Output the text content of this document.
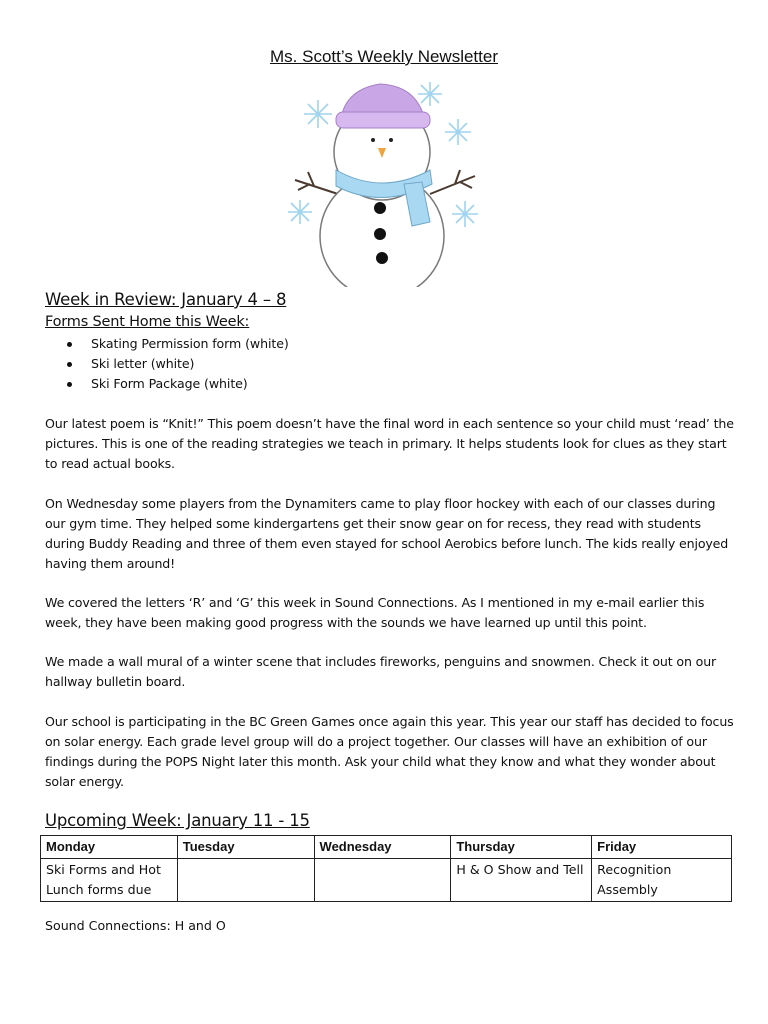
Ms. Scott’s Weekly Newsletter
Week in Review: January 4 – 8
Forms Sent Home this Week:
Skating Permission form (white)
Ski letter (white)
Ski Form Package (white)

Our latest poem is “Knit!” This poem doesn’t have the final word in each sentence so your child must ‘read’ the pictures. This is one of the reading strategies we teach in primary. It helps students look for clues as they start to read actual books.

On Wednesday some players from the Dynamiters came to play floor hockey with each of our classes during our gym time. They helped some kindergartens get their snow gear on for recess, they read with students during Buddy Reading and three of them even stayed for school Aerobics before lunch. The kids really enjoyed having them around!

We covered the letters ‘R’ and ‘G’ this week in Sound Connections. As I mentioned in my e-mail earlier this week, they have been making good progress with the sounds we have learned up until this point.

We made a wall mural of a winter scene that includes fireworks, penguins and snowmen. Check it out on our hallway bulletin board.

Our school is participating in the BC Green Games once again this year. This year our staff has decided to focus on solar energy. Each grade level group will do a project together. Our classes will have an exhibition of our findings during the POPS Night later this month. Ask your child what they know and what they wonder about solar energy.

Upcoming Week: January 11 - 15
Monday	Tuesday	Wednesday	Thursday	Friday
Ski Forms and Hot Lunch forms due			H & O Show and Tell	Recognition Assembly
Sound Connections: H and O
